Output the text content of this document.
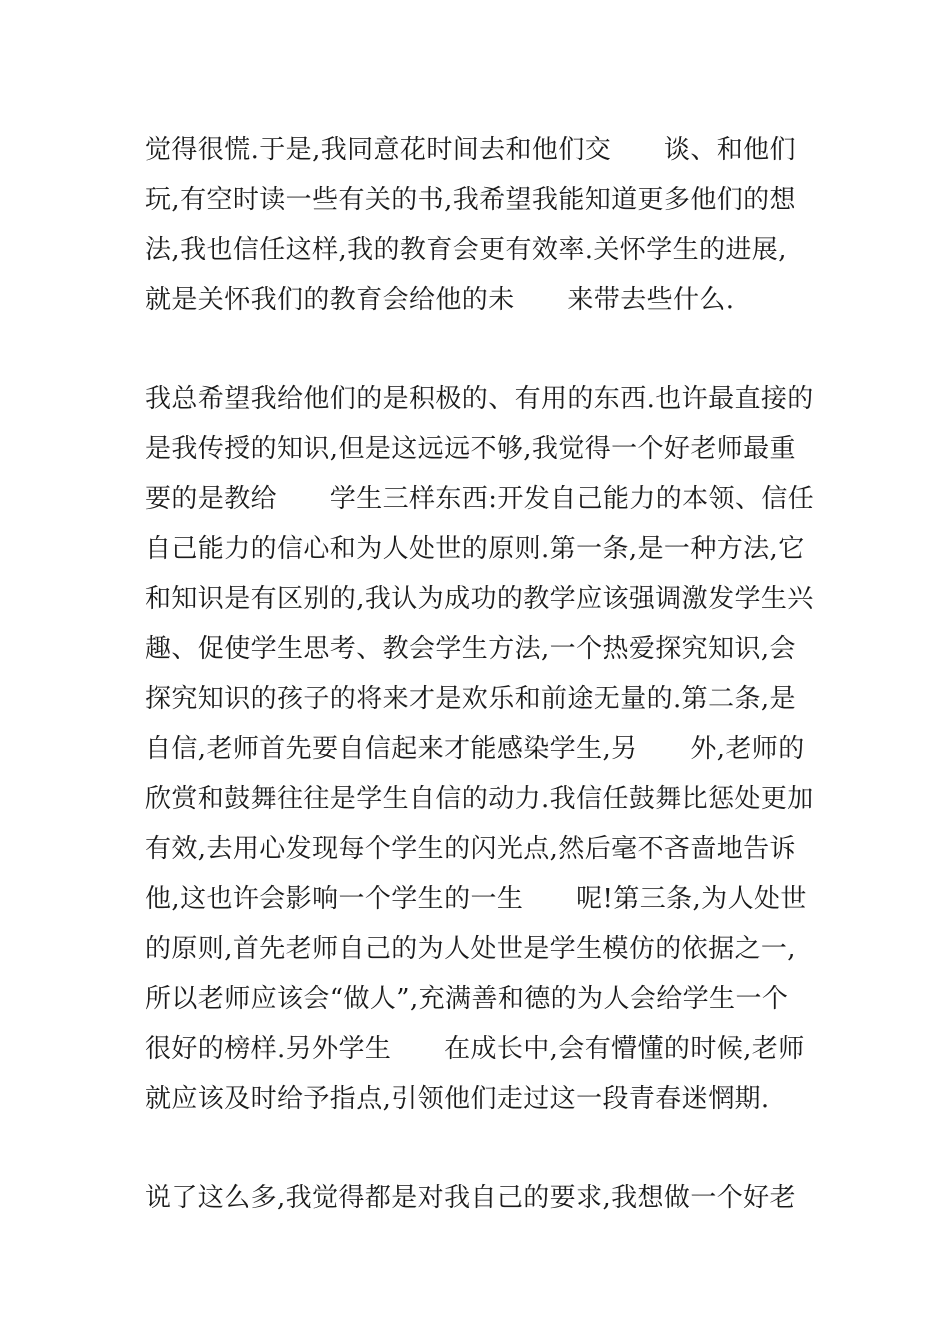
觉得很慌.于是,我同意花时间去和他们交　　谈、和他们
玩,有空时读一些有关的书,我希望我能知道更多他们的想
法,我也信任这样,我的教育会更有效率.关怀学生的进展,
就是关怀我们的教育会给他的未　　来带去些什么.
我总希望我给他们的是积极的、有用的东西.也许最直接的
是我传授的知识,但是这远远不够,我觉得一个好老师最重
要的是教给　　学生三样东西:开发自己能力的本领、信任
自己能力的信心和为人处世的原则.第一条,是一种方法,它
和知识是有区别的,我认为成功的教学应该强调激发学生兴
趣、促使学生思考、教会学生方法,一个热爱探究知识,会
探究知识的孩子的将来才是欢乐和前途无量的.第二条,是
自信,老师首先要自信起来才能感染学生,另　　外,老师的
欣赏和鼓舞往往是学生自信的动力.我信任鼓舞比惩处更加
有效,去用心发现每个学生的闪光点,然后毫不吝啬地告诉
他,这也许会影响一个学生的一生　　呢!第三条,为人处世
的原则,首先老师自己的为人处世是学生模仿的依据之一,
所以老师应该会“做人”,充满善和德的为人会给学生一个
很好的榜样.另外学生　　在成长中,会有懵懂的时候,老师
就应该及时给予指点,引领他们走过这一段青春迷惘期.
说了这么多,我觉得都是对我自己的要求,我想做一个好老
